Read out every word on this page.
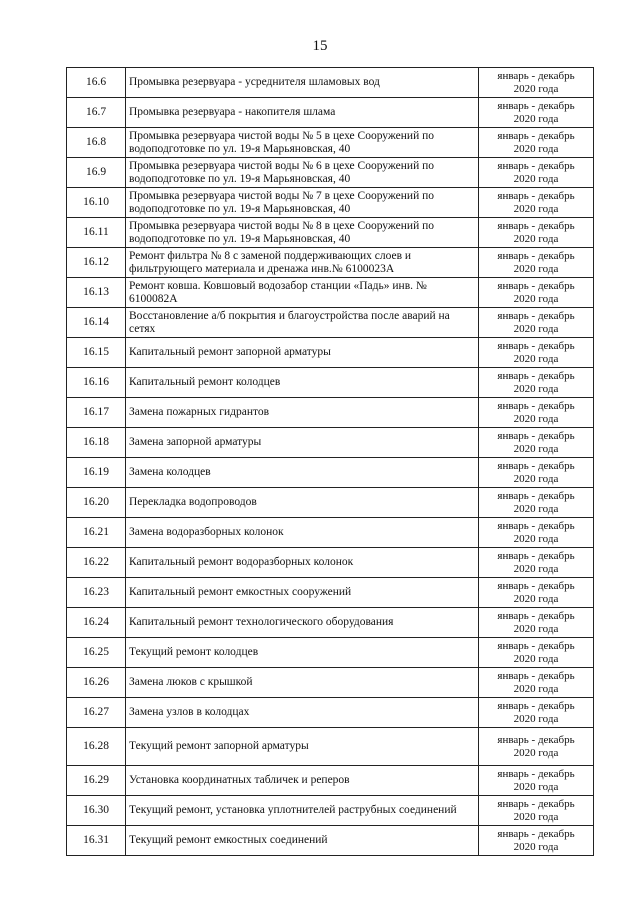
15
16.6	Промывка резервуара - усреднителя шламовых вод	январь - декабрь
2020 года
16.7	Промывка резервуара - накопителя шлама	январь - декабрь
2020 года
16.8	Промывка резервуара чистой воды № 5 в цехе Сооружений по водоподготовке по ул. 19-я Марьяновская, 40	январь - декабрь
2020 года
16.9	Промывка резервуара чистой воды № 6 в цехе Сооружений по водоподготовке по ул. 19-я Марьяновская, 40	январь - декабрь
2020 года
16.10	Промывка резервуара чистой воды № 7 в цехе Сооружений по водоподготовке по ул. 19-я Марьяновская, 40	январь - декабрь
2020 года
16.11	Промывка резервуара чистой воды № 8 в цехе Сооружений по водоподготовке по ул. 19-я Марьяновская, 40	январь - декабрь
2020 года
16.12	Ремонт фильтра № 8 с заменой поддерживающих слоев и фильтрующего материала и дренажа инв.№ 6100023А	январь - декабрь
2020 года
16.13	Ремонт ковша. Ковшовый водозабор станции «Падь» инв. № 6100082А	январь - декабрь
2020 года
16.14	Восстановление а/б покрытия и благоустройства после аварий на сетях	январь - декабрь
2020 года
16.15	Капитальный ремонт запорной арматуры	январь - декабрь
2020 года
16.16	Капитальный ремонт колодцев	январь - декабрь
2020 года
16.17	Замена пожарных гидрантов	январь - декабрь
2020 года
16.18	Замена запорной арматуры	январь - декабрь
2020 года
16.19	Замена колодцев	январь - декабрь
2020 года
16.20	Перекладка водопроводов	январь - декабрь
2020 года
16.21	Замена водоразборных колонок	январь - декабрь
2020 года
16.22	Капитальный ремонт водоразборных колонок	январь - декабрь
2020 года
16.23	Капитальный ремонт емкостных сооружений	январь - декабрь
2020 года
16.24	Капитальный ремонт технологического оборудования	январь - декабрь
2020 года
16.25	Текущий ремонт колодцев	январь - декабрь
2020 года
16.26	Замена люков с крышкой	январь - декабрь
2020 года
16.27	Замена узлов в колодцах	январь - декабрь
2020 года
16.28	Текущий ремонт запорной арматуры	январь - декабрь
2020 года
16.29	Установка координатных табличек и реперов	январь - декабрь
2020 года
16.30	Текущий ремонт, установка уплотнителей раструбных соединений	январь - декабрь
2020 года
16.31	Текущий ремонт емкостных соединений	январь - декабрь
2020 года
